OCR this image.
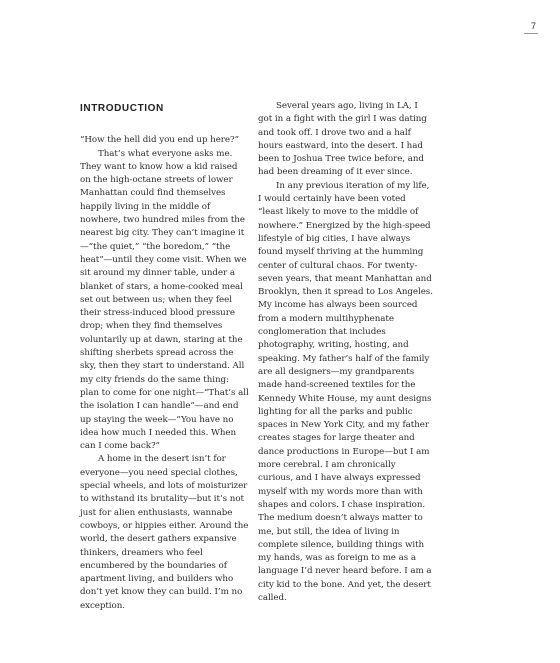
7
INTRODUCTION

“How the hell did you end up here?”

That’s what everyone asks me. They want to know how a kid raised on the high-octane streets of lower Manhattan could find themselves happily living in the middle of nowhere, two hundred miles from the nearest big city. They can’t imagine it—“the quiet,” “the boredom,” “the heat”—until they come visit. When we sit around my dinner table, under a blanket of stars, a home-cooked meal set out between us; when they feel their stress-induced blood pressure drop; when they find themselves voluntarily up at dawn, staring at the shifting sherbets spread across the sky, then they start to understand. All my city friends do the same thing: plan to come for one night—“That’s all the isolation I can handle”—and end up staying the week—“You have no idea how much I needed this. When can I come back?”

A home in the desert isn’t for everyone—you need special clothes, special wheels, and lots of moisturizer to withstand its brutality—but it’s not just for alien enthusiasts, wannabe cowboys, or hippies either. Around the world, the desert gathers expansive thinkers, dreamers who feel encumbered by the boundaries of apartment living, and builders who don’t yet know they can build. I’m no exception.

Several years ago, living in LA, I got in a fight with the girl I was dating and took off. I drove two and a half hours eastward, into the desert. I had been to Joshua Tree twice before, and had been dreaming of it ever since.

In any previous iteration of my life, I would certainly have been voted “least likely to move to the middle of nowhere.” Energized by the high-speed lifestyle of big cities, I have always found myself thriving at the humming center of cultural chaos. For twenty-seven years, that meant Manhattan and Brooklyn, then it spread to Los Angeles. My income has always been sourced from a modern multihyphenate conglomeration that includes photography, writing, hosting, and speaking. My father’s half of the family are all designers—my grandparents made hand-screened textiles for the Kennedy White House, my aunt designs lighting for all the parks and public spaces in New York City, and my father creates stages for large theater and dance productions in Europe—but I am more cerebral. I am chronically curious, and I have always expressed myself with my words more than with shapes and colors. I chase inspiration. The medium doesn’t always matter to me, but still, the idea of living in complete silence, building things with my hands, was as foreign to me as a language I’d never heard before. I am a city kid to the bone. And yet, the desert called.
